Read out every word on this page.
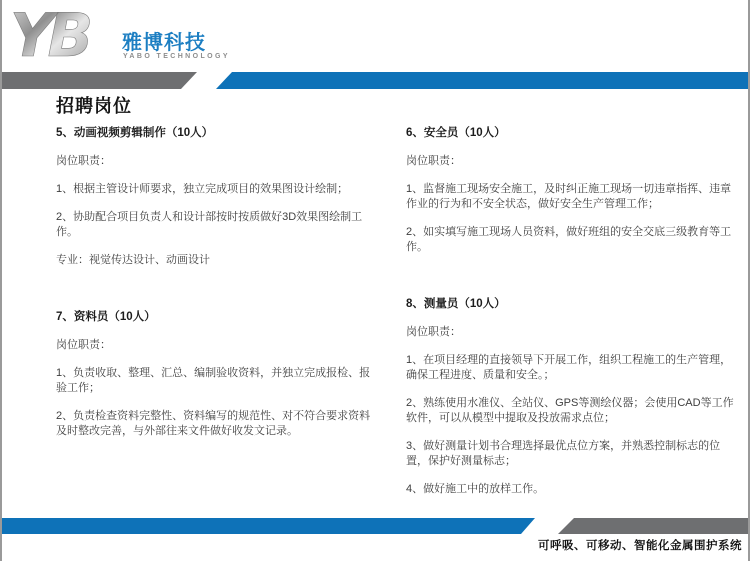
YB 雅博科技
YABO TECHNOLOGY
招聘岗位
5、动画视频剪辑制作（10人）

岗位职责：

1、根据主管设计师要求，独立完成项目的效果图设计绘制；

2、协助配合项目负责人和设计部按时按质做好3D效果图绘制工作。

专业：视觉传达设计、动画设计

7、资料员（10人）

岗位职责：

1、负责收取、整理、汇总、编制验收资料，并独立完成报检、报验工作；

2、负责检查资料完整性、资料编写的规范性、对不符合要求资料及时整改完善，与外部往来文件做好收发文记录。

6、安全员（10人）

岗位职责：

1、监督施工现场安全施工，及时纠正施工现场一切违章指挥、违章作业的行为和不安全状态，做好安全生产管理工作；

2、如实填写施工现场人员资料，做好班组的安全交底三级教育等工作。

8、测量员（10人）

岗位职责：

1、在项目经理的直接领导下开展工作，组织工程施工的生产管理，确保工程进度、质量和安全。；

2、熟练使用水准仪、全站仪、GPS等测绘仪器；会使用CAD等工作软件，可以从模型中提取及投放需求点位；

3、做好测量计划书合理选择最优点位方案，并熟悉控制标志的位置，保护好测量标志；

4、做好施工中的放样工作。

可呼吸、可移动、智能化金属围护系统
